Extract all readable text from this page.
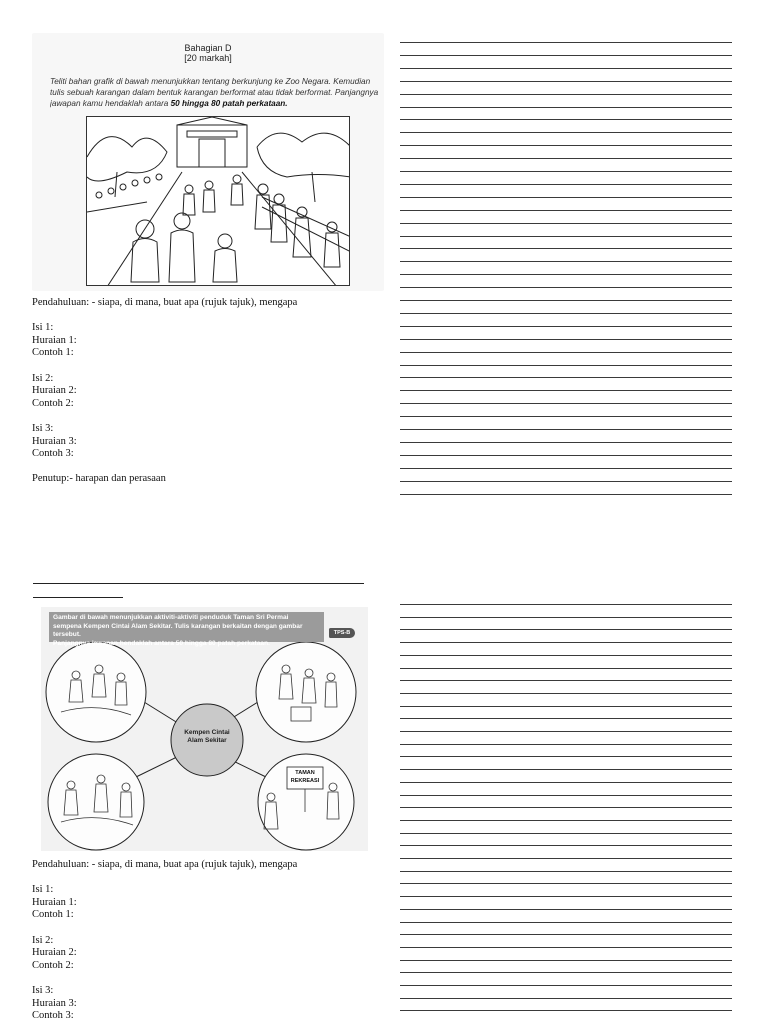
Bahagian D
[20 markah]
Teliti bahan grafik di bawah menunjukkan tentang berkunjung ke Zoo Negara. Kemudian
tulis sebuah karangan dalam bentuk karangan berformat atau tidak berformat. Panjangnya
jawapan kamu hendaklah antara 50 hingga 80 patah perkataan.

Pendahuluan: - siapa, di mana, buat apa (rujuk tajuk), mengapa

Isi 1:

Huraian 1:

Contoh 1:

Isi 2:

Huraian 2:

Contoh 2:

Isi 3:

Huraian 3:

Contoh 3:

Penutup:- harapan dan perasaan

Gambar di bawah menunjukkan aktiviti-aktiviti penduduk Taman Sri Permai
sempena Kempen Cintai Alam Sekitar. Tulis karangan berkaitan dengan gambar tersebut.
Panjangnya jawapan hendaklah antara 50 hingga 80 patah perkataan.
TPS-B
Kempen Cintai
Alam Sekitar
TAMAN
REKREASI

Pendahuluan: - siapa, di mana, buat apa (rujuk tajuk), mengapa

Isi 1:

Huraian 1:

Contoh 1:

Isi 2:

Huraian 2:

Contoh 2:

Isi 3:

Huraian 3:

Contoh 3:
